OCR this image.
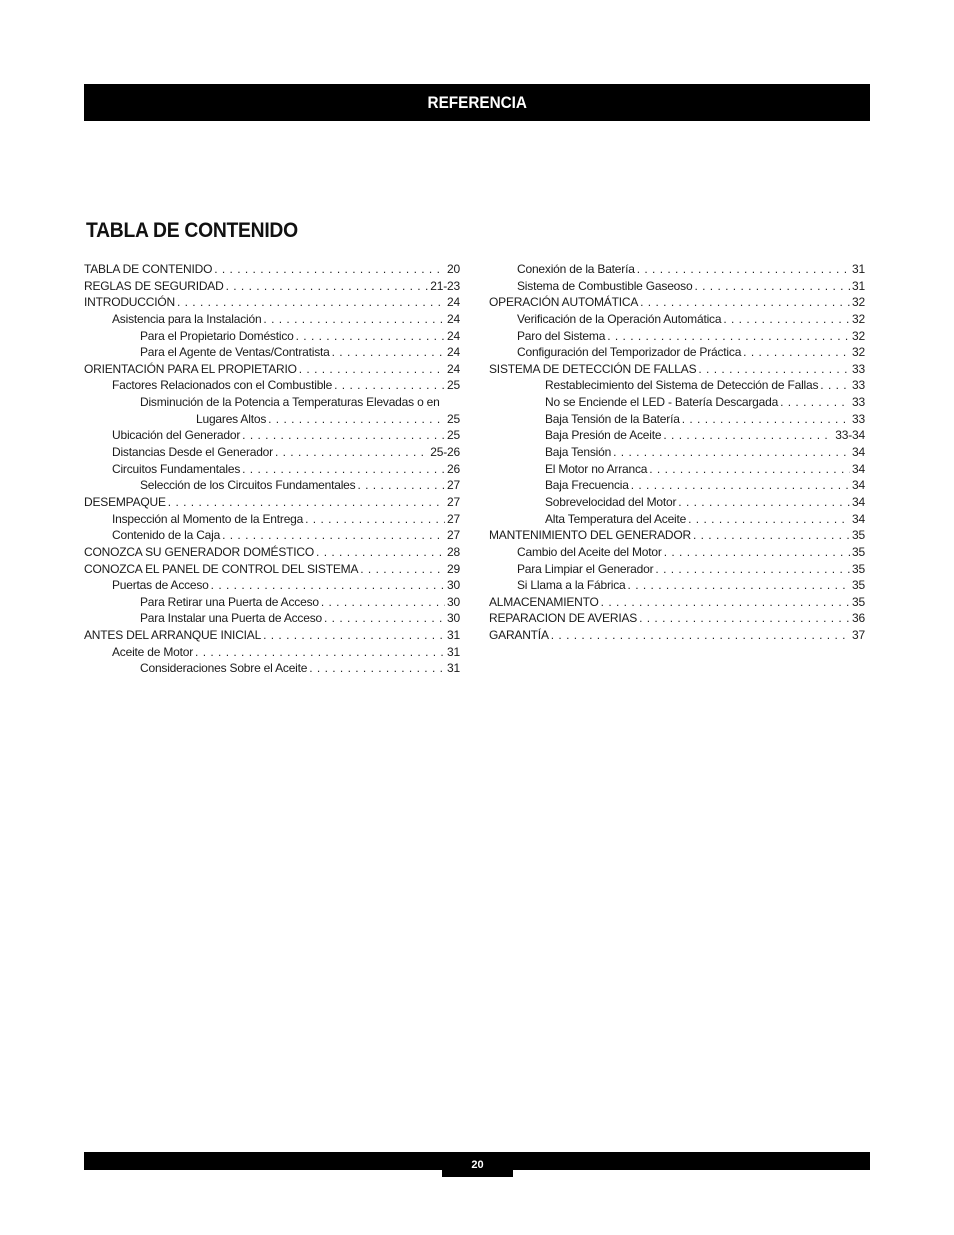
REFERENCIA
TABLA DE CONTENIDO
TABLA DE CONTENIDO . . .	20
REGLAS DE SEGURIDAD . . .	21-23
INTRODUCCIÓN . . .	24
Asistencia para la Instalación . . .	24
Para el Propietario Doméstico . . .	24
Para el Agente de Ventas/Contratista . . .	24
ORIENTACIÓN PARA EL PROPIETARIO . . .	24
Factores Relacionados con el Combustible . . .	25
Disminución de la Potencia a Temperaturas Elevadas o en
Lugares Altos . . .	25
Ubicación del Generador . . .	25
Distancias Desde el Generador . . .	25-26
Circuitos Fundamentales . . .	26
Selección de los Circuitos Fundamentales . . .	27
DESEMPAQUE . . .	27
Inspección al Momento de la Entrega . . .	27
Contenido de la Caja . . .	27
CONOZCA SU GENERADOR DOMÉSTICO . . .	28
CONOZCA EL PANEL DE CONTROL DEL SISTEMA . . .	29
Puertas de Acceso . . .	30
Para Retirar una Puerta de Acceso . . .	30
Para Instalar una Puerta de Acceso . . .	30
ANTES DEL ARRANQUE INICIAL . . .	31
Aceite de Motor . . .	31
Consideraciones Sobre el Aceite . . .	31
Conexión de la Batería . . .	31
Sistema de Combustible Gaseoso . . .	31
OPERACIÓN AUTOMÁTICA . . .	32
Verificación de la Operación Automática . . .	32
Paro del Sistema . . .	32
Configuración del Temporizador de Práctica . . .	32
SISTEMA DE DETECCIÓN DE FALLAS . . .	33
Restablecimiento del Sistema de Detección de Fallas . . .	33
No se Enciende el LED - Batería Descargada . . .	33
Baja Tensión de la Batería . . .	33
Baja Presión de Aceite . . .	33-34
Baja Tensión . . .	34
El Motor no Arranca . . .	34
Baja Frecuencia . . .	34
Sobrevelocidad del Motor . . .	34
Alta Temperatura del Aceite . . .	34
MANTENIMIENTO DEL GENERADOR . . .	35
Cambio del Aceite del Motor . . .	35
Para Limpiar el Generador . . .	35
Si Llama a la Fábrica . . .	35
ALMACENAMIENTO . . .	35
REPARACION DE AVERIAS . . .	36
GARANTÍA . . .	37
20
